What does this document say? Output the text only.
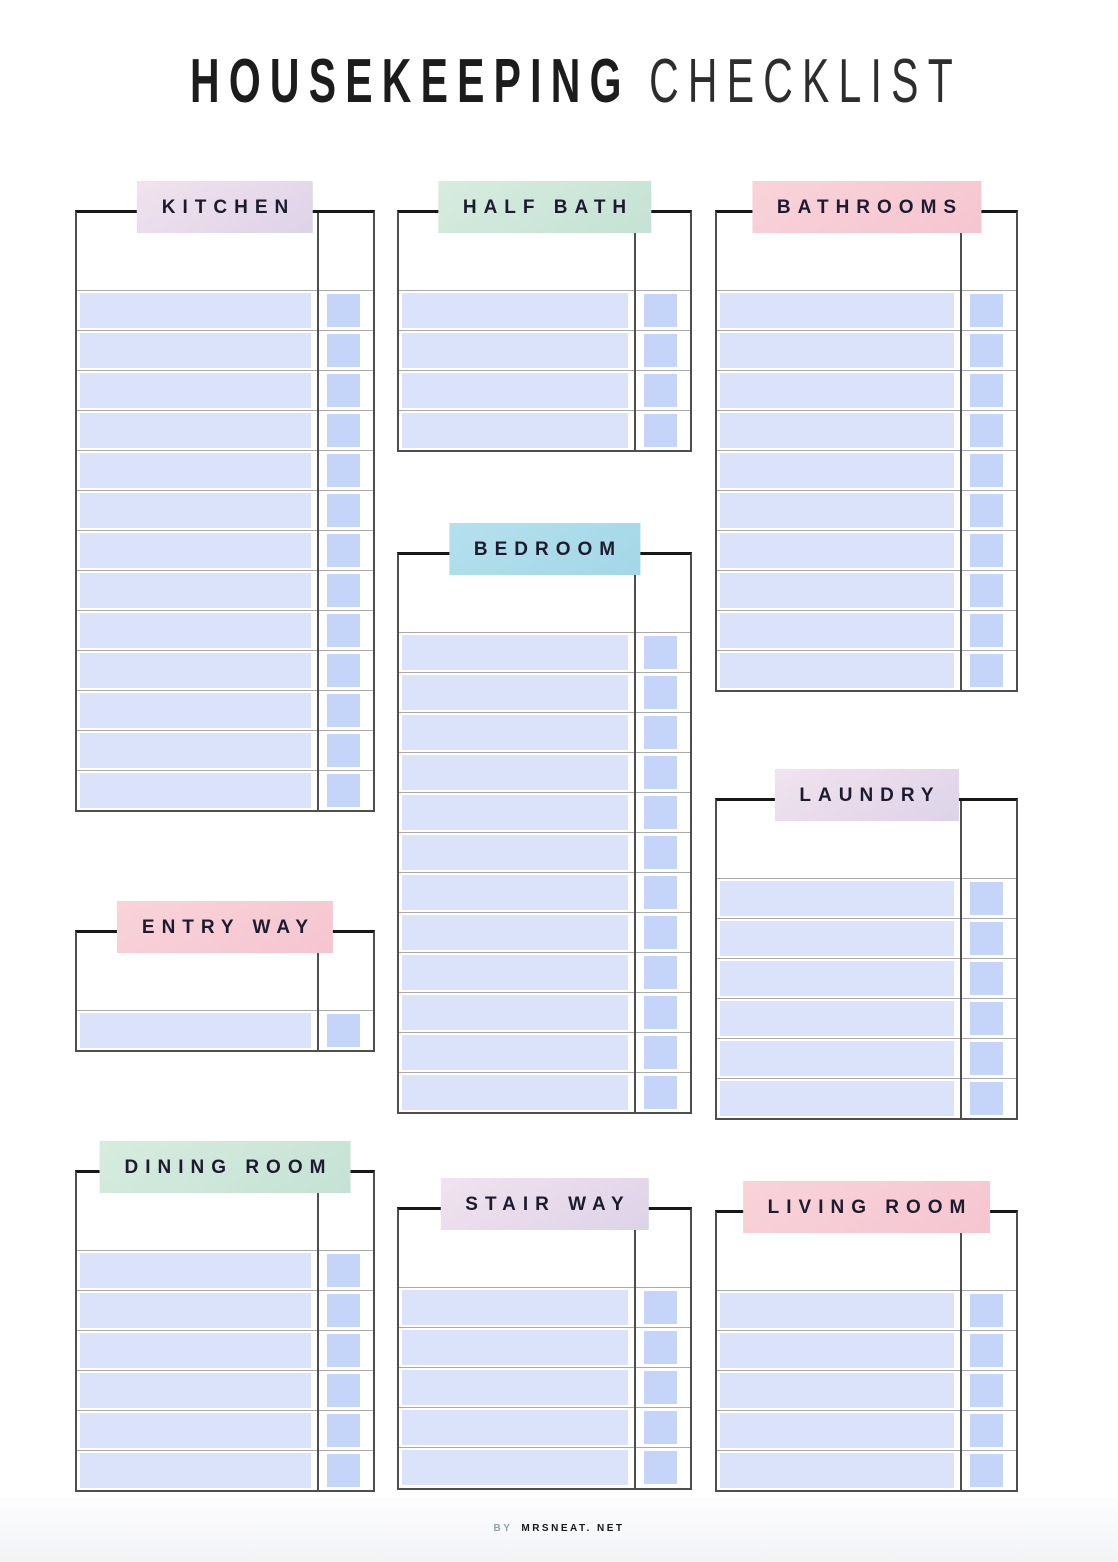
HOUSEKEEPING CHECKLIST
KITCHEN	HALF BATH	BATHROOMS
BEDROOM
ENTRY WAY
LAUNDRY
DINING ROOM
STAIR WAY	LIVING ROOM
BY MRSNEAT. NET
